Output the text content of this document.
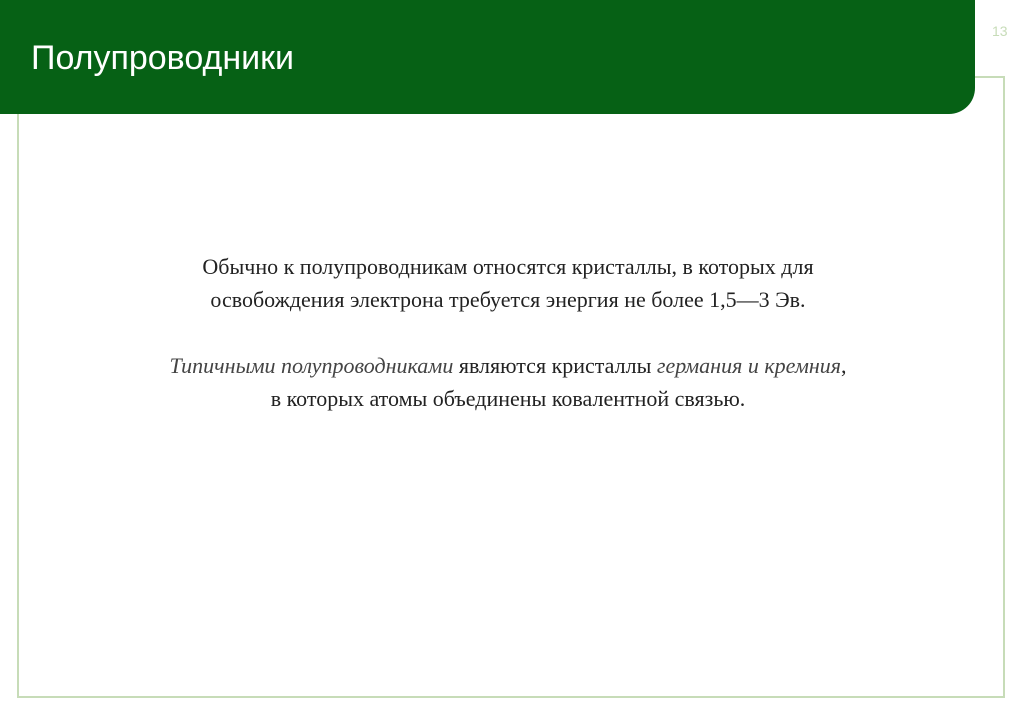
Полупроводники
13

Обычно к полупроводникам относятся кристаллы, в которых для
освобождения электрона требуется энергия не более 1,5—3 Эв.

Типичными полупроводниками являются кристаллы германия и кремния,
в которых атомы объединены ковалентной связью.
